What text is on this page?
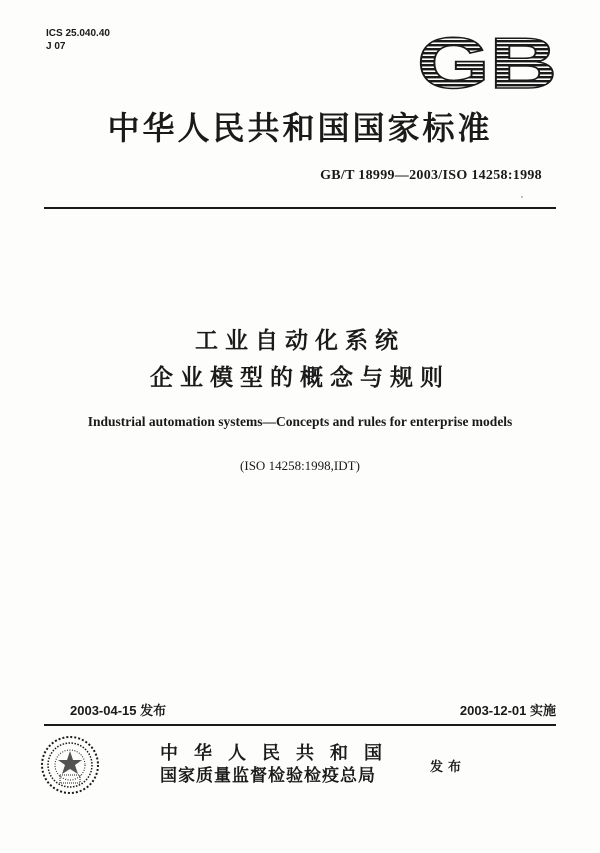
ICS 25.040.40
J 07	GB
中华人民共和国国家标准
GB/T 18999—2003/ISO 14258:1998
'
工业自动化系统
企业模型的概念与规则
Industrial automation systems—Concepts and rules for enterprise models
(ISO 14258:1998,IDT)
2003-04-15 发布	2003-12-01 实施
中华人民共和国
国家质量监督检验检疫总局	发布
